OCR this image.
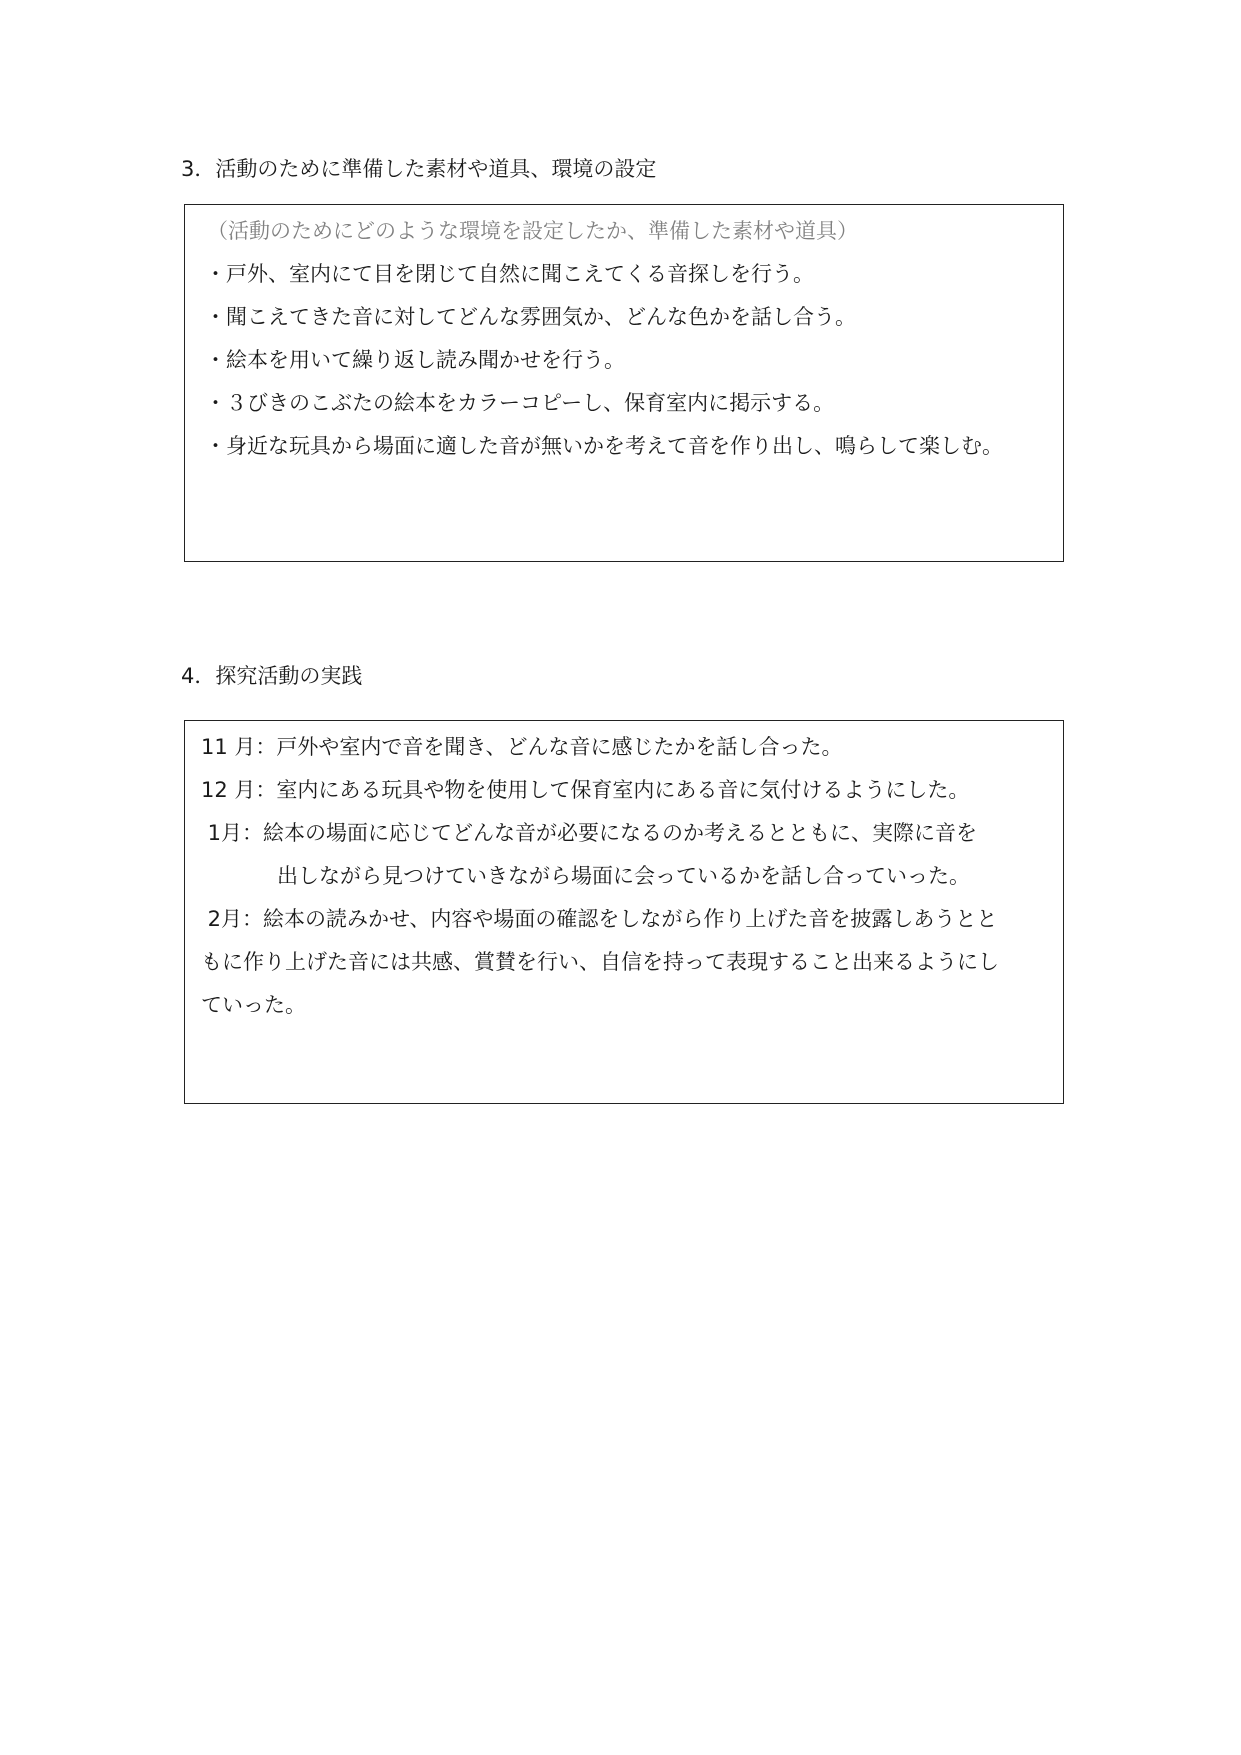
3．活動のために準備した素材や道具、環境の設定
（活動のためにどのような環境を設定したか、準備した素材や道具）
・戸外、室内にて目を閉じて自然に聞こえてくる音探しを行う。
・聞こえてきた音に対してどんな雰囲気か、どんな色かを話し合う。
・絵本を用いて繰り返し読み聞かせを行う。
・３びきのこぶたの絵本をカラーコピーし、保育室内に掲示する。
・身近な玩具から場面に適した音が無いかを考えて音を作り出し、鳴らして楽しむ。
4．探究活動の実践
11 月：戸外や室内で音を聞き、どんな音に感じたかを話し合った。
12 月：室内にある玩具や物を使用して保育室内にある音に気付けるようにした。
1月：絵本の場面に応じてどんな音が必要になるのか考えるとともに、実際に音を
出しながら見つけていきながら場面に会っているかを話し合っていった。
2月：絵本の読みかせ、内容や場面の確認をしながら作り上げた音を披露しあうとと
もに作り上げた音には共感、賞賛を行い、自信を持って表現すること出来るようにし
ていった。
